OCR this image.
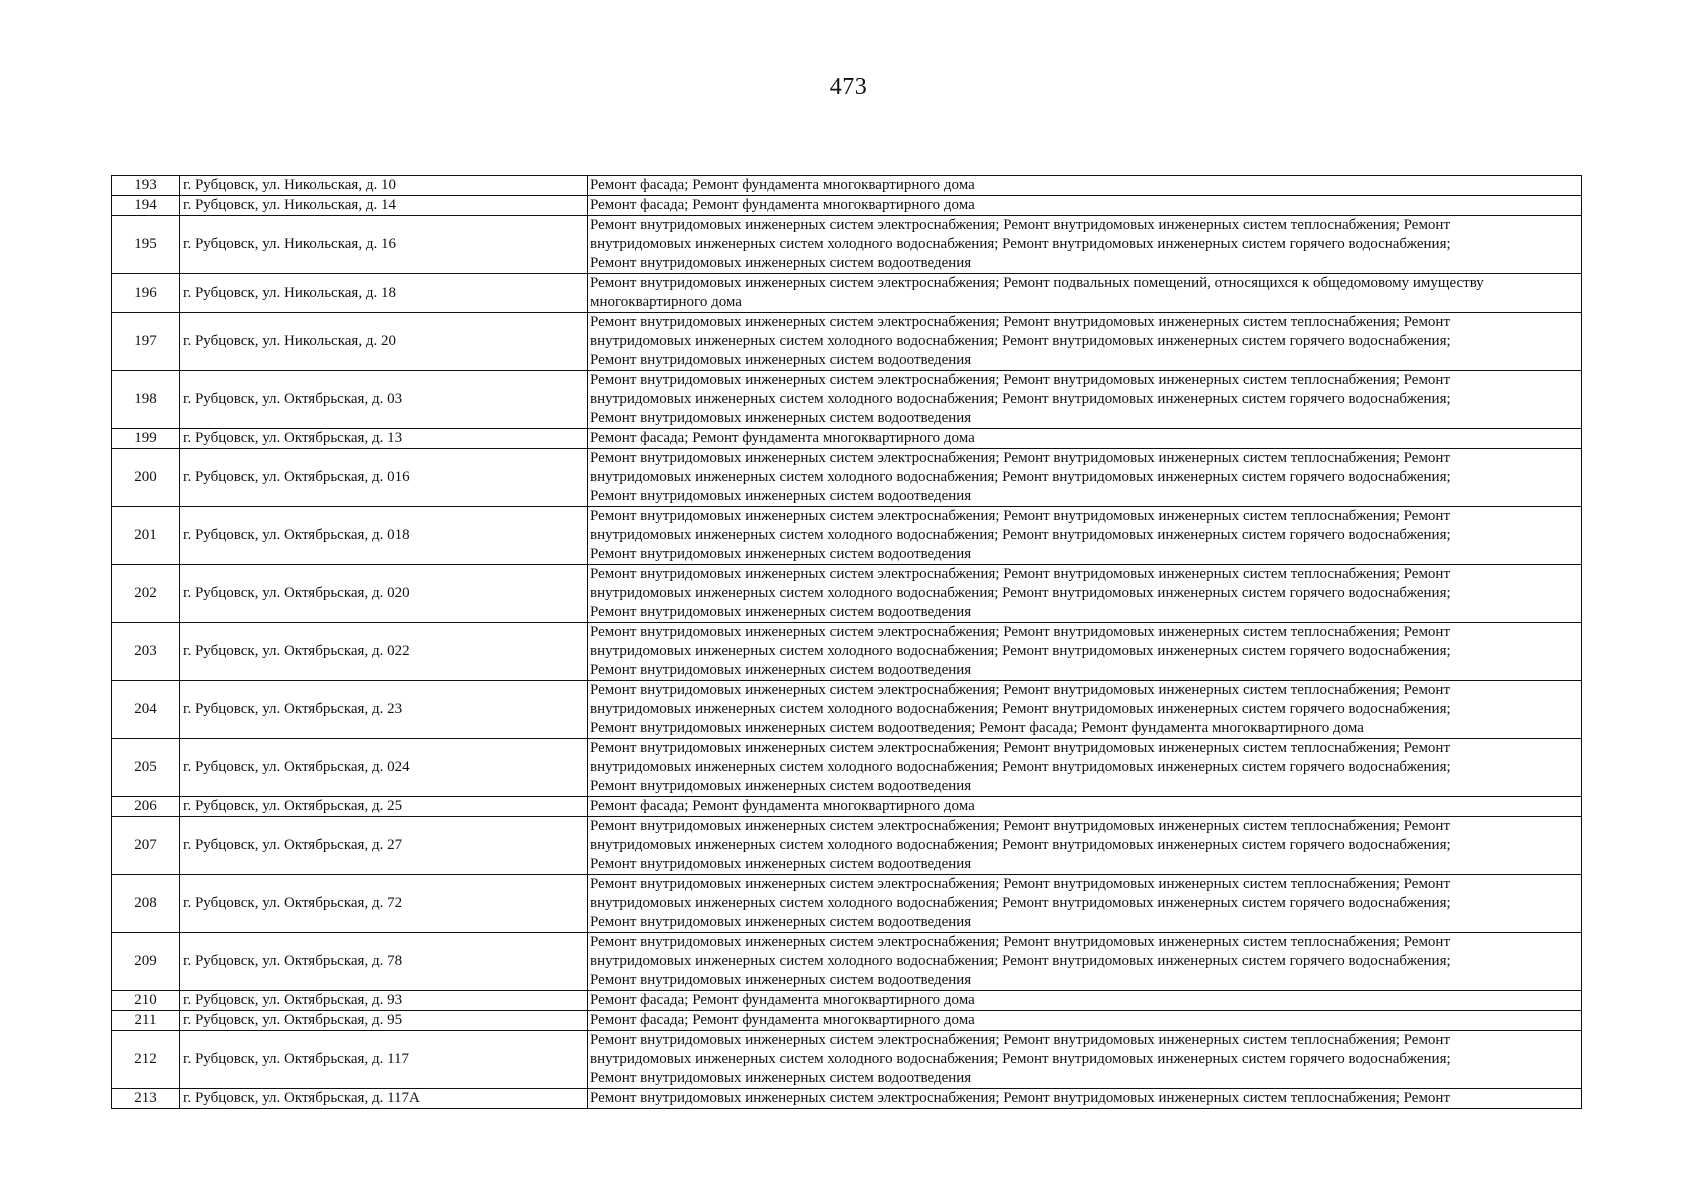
473
193	г. Рубцовск, ул. Никольская, д. 10	Ремонт фасада; Ремонт фундамента многоквартирного дома

194	г. Рубцовск, ул. Никольская, д. 14	Ремонт фасада; Ремонт фундамента многоквартирного дома

195	г. Рубцовск, ул. Никольская, д. 16	Ремонт внутридомовых инженерных систем электроснабжения; Ремонт внутридомовых инженерных систем теплоснабжения; Ремонт
внутридомовых инженерных систем холодного водоснабжения; Ремонт внутридомовых инженерных систем горячего водоснабжения;
Ремонт внутридомовых инженерных систем водоотведения

196	г. Рубцовск, ул. Никольская, д. 18	Ремонт внутридомовых инженерных систем электроснабжения; Ремонт подвальных помещений, относящихся к общедомовому имуществу
многоквартирного дома

197	г. Рубцовск, ул. Никольская, д. 20	Ремонт внутридомовых инженерных систем электроснабжения; Ремонт внутридомовых инженерных систем теплоснабжения; Ремонт
внутридомовых инженерных систем холодного водоснабжения; Ремонт внутридомовых инженерных систем горячего водоснабжения;
Ремонт внутридомовых инженерных систем водоотведения

198	г. Рубцовск, ул. Октябрьская, д. 03	Ремонт внутридомовых инженерных систем электроснабжения; Ремонт внутридомовых инженерных систем теплоснабжения; Ремонт
внутридомовых инженерных систем холодного водоснабжения; Ремонт внутридомовых инженерных систем горячего водоснабжения;
Ремонт внутридомовых инженерных систем водоотведения

199	г. Рубцовск, ул. Октябрьская, д. 13	Ремонт фасада; Ремонт фундамента многоквартирного дома

200	г. Рубцовск, ул. Октябрьская, д. 016	Ремонт внутридомовых инженерных систем электроснабжения; Ремонт внутридомовых инженерных систем теплоснабжения; Ремонт
внутридомовых инженерных систем холодного водоснабжения; Ремонт внутридомовых инженерных систем горячего водоснабжения;
Ремонт внутридомовых инженерных систем водоотведения

201	г. Рубцовск, ул. Октябрьская, д. 018	Ремонт внутридомовых инженерных систем электроснабжения; Ремонт внутридомовых инженерных систем теплоснабжения; Ремонт
внутридомовых инженерных систем холодного водоснабжения; Ремонт внутридомовых инженерных систем горячего водоснабжения;
Ремонт внутридомовых инженерных систем водоотведения

202	г. Рубцовск, ул. Октябрьская, д. 020	Ремонт внутридомовых инженерных систем электроснабжения; Ремонт внутридомовых инженерных систем теплоснабжения; Ремонт
внутридомовых инженерных систем холодного водоснабжения; Ремонт внутридомовых инженерных систем горячего водоснабжения;
Ремонт внутридомовых инженерных систем водоотведения

203	г. Рубцовск, ул. Октябрьская, д. 022	Ремонт внутридомовых инженерных систем электроснабжения; Ремонт внутридомовых инженерных систем теплоснабжения; Ремонт
внутридомовых инженерных систем холодного водоснабжения; Ремонт внутридомовых инженерных систем горячего водоснабжения;
Ремонт внутридомовых инженерных систем водоотведения

204	г. Рубцовск, ул. Октябрьская, д. 23	Ремонт внутридомовых инженерных систем электроснабжения; Ремонт внутридомовых инженерных систем теплоснабжения; Ремонт
внутридомовых инженерных систем холодного водоснабжения; Ремонт внутридомовых инженерных систем горячего водоснабжения;
Ремонт внутридомовых инженерных систем водоотведения; Ремонт фасада; Ремонт фундамента многоквартирного дома

205	г. Рубцовск, ул. Октябрьская, д. 024	Ремонт внутридомовых инженерных систем электроснабжения; Ремонт внутридомовых инженерных систем теплоснабжения; Ремонт
внутридомовых инженерных систем холодного водоснабжения; Ремонт внутридомовых инженерных систем горячего водоснабжения;
Ремонт внутридомовых инженерных систем водоотведения

206	г. Рубцовск, ул. Октябрьская, д. 25	Ремонт фасада; Ремонт фундамента многоквартирного дома

207	г. Рубцовск, ул. Октябрьская, д. 27	Ремонт внутридомовых инженерных систем электроснабжения; Ремонт внутридомовых инженерных систем теплоснабжения; Ремонт
внутридомовых инженерных систем холодного водоснабжения; Ремонт внутридомовых инженерных систем горячего водоснабжения;
Ремонт внутридомовых инженерных систем водоотведения

208	г. Рубцовск, ул. Октябрьская, д. 72	Ремонт внутридомовых инженерных систем электроснабжения; Ремонт внутридомовых инженерных систем теплоснабжения; Ремонт
внутридомовых инженерных систем холодного водоснабжения; Ремонт внутридомовых инженерных систем горячего водоснабжения;
Ремонт внутридомовых инженерных систем водоотведения

209	г. Рубцовск, ул. Октябрьская, д. 78	Ремонт внутридомовых инженерных систем электроснабжения; Ремонт внутридомовых инженерных систем теплоснабжения; Ремонт
внутридомовых инженерных систем холодного водоснабжения; Ремонт внутридомовых инженерных систем горячего водоснабжения;
Ремонт внутридомовых инженерных систем водоотведения

210	г. Рубцовск, ул. Октябрьская, д. 93	Ремонт фасада; Ремонт фундамента многоквартирного дома

211	г. Рубцовск, ул. Октябрьская, д. 95	Ремонт фасада; Ремонт фундамента многоквартирного дома

212	г. Рубцовск, ул. Октябрьская, д. 117	Ремонт внутридомовых инженерных систем электроснабжения; Ремонт внутридомовых инженерных систем теплоснабжения; Ремонт
внутридомовых инженерных систем холодного водоснабжения; Ремонт внутридомовых инженерных систем горячего водоснабжения;
Ремонт внутридомовых инженерных систем водоотведения

213	г. Рубцовск, ул. Октябрьская, д. 117А	Ремонт внутридомовых инженерных систем электроснабжения; Ремонт внутридомовых инженерных систем теплоснабжения; Ремонт
